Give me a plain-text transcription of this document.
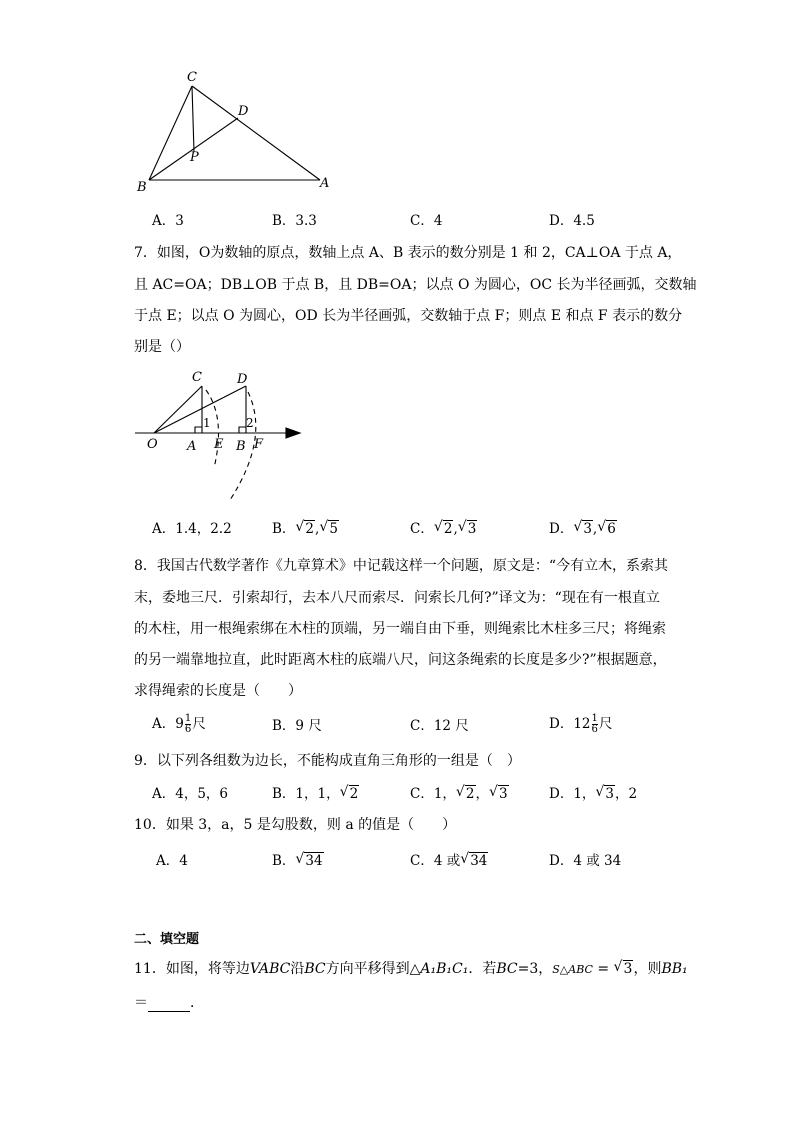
C
D
P
B	A
A．3	B．3.3	C．4	D．4.5
7．如图，O为数轴的原点，数轴上点 A、B 表示的数分别是 1 和 2，CA⊥OA 于点 A，
且 AC=OA；DB⊥OB 于点 B，且 DB=OA；以点 O 为圆心，OC 长为半径画弧，交数轴
于点 E；以点 O 为圆心，OD 长为半径画弧，交数轴于点 F；则点 E 和点 F 表示的数分
别是（）
C	D
O A E B F
1	2
A．1.4，2.2	B． √ 2, √ 5	C． √ 2, √ 3	D． √ 3, √ 6
8．我国古代数学著作《九章算术》中记载这样一个问题，原文是：“今有立木，系索其
末，委地三尺．引索却行，去本八尺而索尽．问索长几何?”译文为：“现在有一根直立
的木柱，用一根绳索绑在木柱的顶端，另一端自由下垂，则绳索比木柱多三尺；将绳索
的另一端靠地拉直，此时距离木柱的底端八尺，问这条绳索的长度是多少?”根据题意，
求得绳索的长度是（　　）
A．$9 \frac{1}{6}$ 尺	B．9 尺	C．12 尺	D．$12 \frac{1}{6}$ 尺
9．以下列各组数为边长，不能构成直角三角形的一组是（　）
A．4，5，6	B．1，1， √ 2	C．1， √ 2， √ 3	D．1， √ 3，2
10．如果 3，a，5 是勾股数，则 a 的值是（　　）
A．4	B． √ 34	C．4 或 √ 34	D．4 或 34
二、填空题
11．如图，将等边VABC沿BC方向平移得到△A₁B₁C₁．若BC=3，S△ABC = √ 3，则BB₁
＝	．
